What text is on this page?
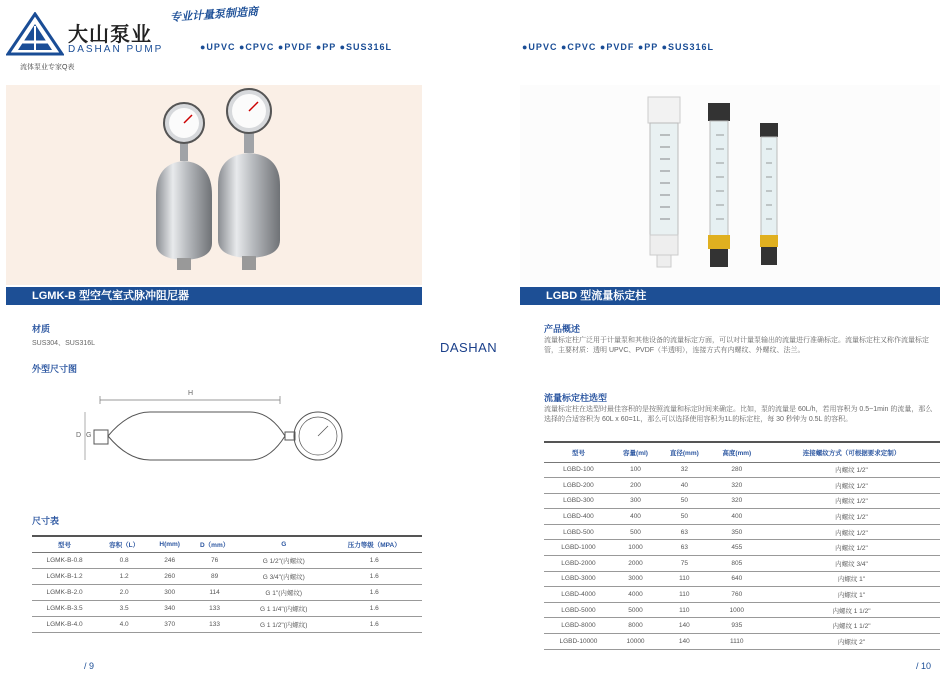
大山泵业
DASHAN PUMP
专业计量泵制造商
流体泵业专家Q表
●UPVC ●CPVC ●PVDF ●PP ●SUS316L	●UPVC ●CPVC ●PVDF ●PP ●SUS316L
LGMK-B 型空气室式脉冲阻尼器
材质
SUS304、SUS316L
外型尺寸图
H
D G
尺寸表
型号	容积（L）	H(mm)	D（mm）	G	压力等级（MPA）
LGMK-B-0.8	0.8	246	76	G 1/2"(内螺纹)	1.6
LGMK-B-1.2	1.2	260	89	G 3/4"(内螺纹)	1.6
LGMK-B-2.0	2.0	300	114	G 1"(内螺纹)	1.6
LGMK-B-3.5	3.5	340	133	G 1 1/4"(内螺纹)	1.6
LGMK-B-4.0	4.0	370	133	G 1 1/2"(内螺纹)	1.6
/ 9
DASHAN
LGBD 型流量标定柱
产品概述
流量标定柱广泛用于计量泵和其他设备的流量标定方面，可以对计量泵输出的流量进行准确标定。流量标定柱又称作流量标定管，主要材质：透明 UPVC、PVDF（半透明），连接方式有内螺纹、外螺纹、法兰。
流量标定柱选型
流量标定柱在选型时最佳容积的是按照流量和标定时间来确定。比如，泵的流量是 60L/h，若用容积为 0.5~1min 的流量，那么选择的合适容积为 60L x 60=1L，那么可以选择使用容积为1L的标定柱，每 30 秒钟为 0.5L 的容积。
型号	容量(ml)	直径(mm)	高度(mm)	连接螺纹方式（可根据要求定制）
LGBD-100	100	32	280	内螺纹 1/2"
LGBD-200	200	40	320	内螺纹 1/2"
LGBD-300	300	50	320	内螺纹 1/2"
LGBD-400	400	50	400	内螺纹 1/2"
LGBD-500	500	63	350	内螺纹 1/2"
LGBD-1000	1000	63	455	内螺纹 1/2"
LGBD-2000	2000	75	805	内螺纹 3/4"
LGBD-3000	3000	110	640	内螺纹 1"
LGBD-4000	4000	110	760	内螺纹 1"
LGBD-5000	5000	110	1000	内螺纹 1 1/2"
LGBD-8000	8000	140	935	内螺纹 1 1/2"
LGBD-10000	10000	140	1110	内螺纹 2"
/ 10
